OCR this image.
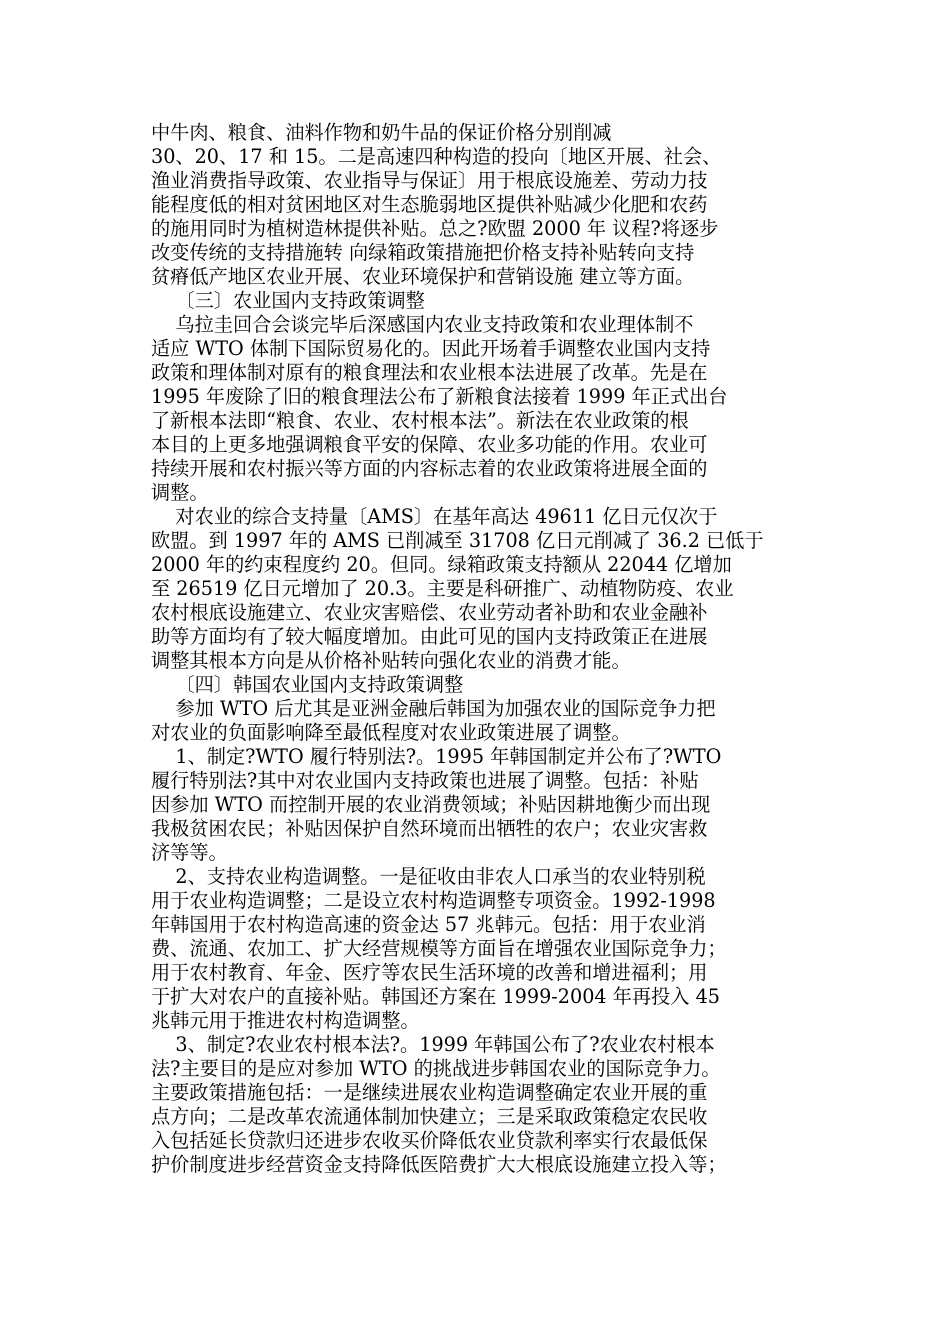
中牛肉、粮食、油料作物和奶牛品的保证价格分别削减
30、20、17 和 15。二是高速四种构造的投向〔地区开展、社会、
渔业消费指导政策、农业指导与保证〕用于根底设施差、劳动力技
能程度低的相对贫困地区对生态脆弱地区提供补贴减少化肥和农药
的施用同时为植树造林提供补贴。总之?欧盟 2000 年 议程?将逐步
改变传统的支持措施转 向绿箱政策措施把价格支持补贴转向支持
贫瘠低产地区农业开展、农业环境保护和营销设施 建立等方面。
〔三〕农业国内支持政策调整
乌拉圭回合会谈完毕后深感国内农业支持政策和农业理体制不
适应 WTO 体制下国际贸易化的。因此开场着手调整农业国内支持
政策和理体制对原有的粮食理法和农业根本法进展了改革。先是在
1995 年废除了旧的粮食理法公布了新粮食法接着 1999 年正式出台
了新根本法即“粮食、农业、农村根本法”。新法在农业政策的根
本目的上更多地强调粮食平安的保障、农业多功能的作用。农业可
持续开展和农村振兴等方面的内容标志着的农业政策将进展全面的
调整。
对农业的综合支持量〔AMS〕在基年高达 49611 亿日元仅次于
欧盟。到 1997 年的 AMS 已削减至 31708 亿日元削减了 36.2 已低于
2000 年的约束程度约 20。但同。绿箱政策支持额从 22044 亿增加
至 26519 亿日元增加了 20.3。主要是科研推广、动植物防疫、农业
农村根底设施建立、农业灾害赔偿、农业劳动者补助和农业金融补
助等方面均有了较大幅度增加。由此可见的国内支持政策正在进展
调整其根本方向是从价格补贴转向强化农业的消费才能。
〔四〕韩国农业国内支持政策调整
参加 WTO 后尤其是亚洲金融后韩国为加强农业的国际竞争力把
对农业的负面影响降至最低程度对农业政策进展了调整。
1、制定?WTO 履行特别法?。1995 年韩国制定并公布了?WTO
履行特别法?其中对农业国内支持政策也进展了调整。包括：补贴
因参加 WTO 而控制开展的农业消费领域；补贴因耕地衡少而出现
我极贫困农民；补贴因保护自然环境而出牺牲的农户；农业灾害救
济等等。
2、支持农业构造调整。一是征收由非农人口承当的农业特别税
用于农业构造调整；二是设立农村构造调整专项资金。1992-1998
年韩国用于农村构造高速的资金达 57 兆韩元。包括：用于农业消
费、流通、农加工、扩大经营规模等方面旨在增强农业国际竞争力；
用于农村教育、年金、医疗等农民生活环境的改善和增进福利；用
于扩大对农户的直接补贴。韩国还方案在 1999-2004 年再投入 45
兆韩元用于推进农村构造调整。
3、制定?农业农村根本法?。1999 年韩国公布了?农业农村根本
法?主要目的是应对参加 WTO 的挑战进步韩国农业的国际竞争力。
主要政策措施包括：一是继续进展农业构造调整确定农业开展的重
点方向；二是改革农流通体制加快建立；三是采取政策稳定农民收
入包括延长贷款归还进步农收买价降低农业贷款利率实行农最低保
护价制度进步经营资金支持降低医陪费扩大大根底设施建立投入等；
